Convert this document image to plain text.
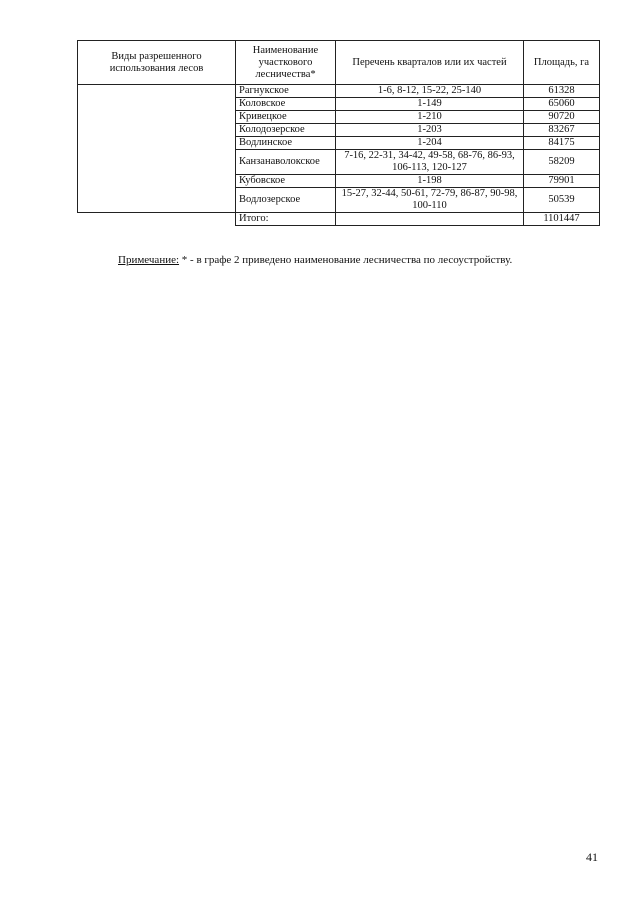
Виды разрешенного использования лесов	Наименование участкового лесничества*	Перечень кварталов или их частей	Площадь, га
	Рагнукское	1-6, 8-12, 15-22, 25-140	61328
	Коловское	1-149	65060
	Кривецкое	1-210	90720
	Колодозерское	1-203	83267
	Водлинское	1-204	84175
	Канзанаволокское	7-16, 22-31, 34-42, 49-58, 68-76, 86-93, 106-113, 120-127	58209
	Кубовское	1-198	79901
	Водлозерское	15-27, 32-44, 50-61, 72-79, 86-87, 90-98, 100-110	50539
	Итого:		1101447
Примечание: * - в графе 2 приведено наименование лесничества по лесоустройству.
41
